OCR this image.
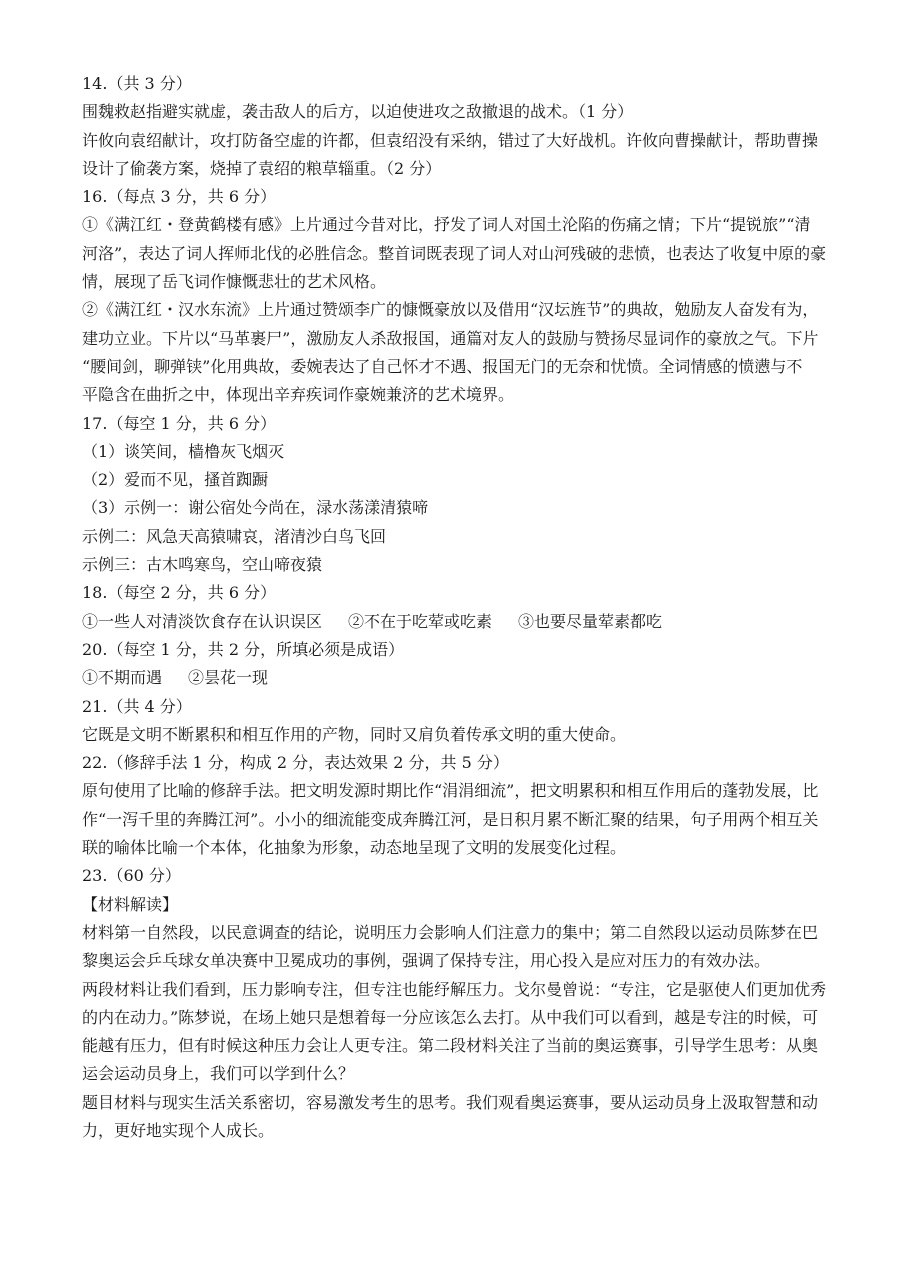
14.（共 3 分）
围魏救赵指避实就虚，袭击敌人的后方，以迫使进攻之敌撤退的战术。（1 分）
许攸向袁绍献计，攻打防备空虚的许都，但袁绍没有采纳，错过了大好战机。许攸向曹操献计，帮助曹操
设计了偷袭方案，烧掉了袁绍的粮草辎重。（2 分）
16.（每点 3 分，共 6 分）
①《满江红・登黄鹤楼有感》上片通过今昔对比，抒发了词人对国土沦陷的伤痛之情；下片“提锐旅”“清
河洛”，表达了词人挥师北伐的必胜信念。整首词既表现了词人对山河残破的悲愤，也表达了收复中原的豪
情，展现了岳飞词作慷慨悲壮的艺术风格。
②《满江红・汉水东流》上片通过赞颂李广的慷慨豪放以及借用“汉坛旌节”的典故，勉励友人奋发有为，
建功立业。下片以“马革裹尸”，激励友人杀敌报国，通篇对友人的鼓励与赞扬尽显词作的豪放之气。下片
“腰间剑，聊弹铗”化用典故，委婉表达了自己怀才不遇、报国无门的无奈和忧愤。全词情感的愤懑与不
平隐含在曲折之中，体现出辛弃疾词作豪婉兼济的艺术境界。
17.（每空 1 分，共 6 分）
（1）谈笑间，樯橹灰飞烟灭
（2）爱而不见，搔首踟蹰
（3）示例一：谢公宿处今尚在，渌水荡漾清猿啼
示例二：风急天高猿啸哀，渚清沙白鸟飞回
示例三：古木鸣寒鸟，空山啼夜猿
18.（每空 2 分，共 6 分）
①一些人对清淡饮食存在认识误区 ②不在于吃荤或吃素 ③也要尽量荤素都吃
20.（每空 1 分，共 2 分，所填必须是成语）
①不期而遇 ②昙花一现
21.（共 4 分）
它既是文明不断累积和相互作用的产物，同时又肩负着传承文明的重大使命。
22.（修辞手法 1 分，构成 2 分，表达效果 2 分，共 5 分）
原句使用了比喻的修辞手法。把文明发源时期比作“涓涓细流”，把文明累积和相互作用后的蓬勃发展，比
作“一泻千里的奔腾江河”。小小的细流能变成奔腾江河，是日积月累不断汇聚的结果，句子用两个相互关
联的喻体比喻一个本体，化抽象为形象，动态地呈现了文明的发展变化过程。
23.（60 分）
【材料解读】
材料第一自然段，以民意调查的结论，说明压力会影响人们注意力的集中；第二自然段以运动员陈梦在巴
黎奥运会乒乓球女单决赛中卫冕成功的事例，强调了保持专注，用心投入是应对压力的有效办法。
两段材料让我们看到，压力影响专注，但专注也能纾解压力。戈尔曼曾说：“专注，它是驱使人们更加优秀
的内在动力。”陈梦说，在场上她只是想着每一分应该怎么去打。从中我们可以看到，越是专注的时候，可
能越有压力，但有时候这种压力会让人更专注。第二段材料关注了当前的奥运赛事，引导学生思考：从奥
运会运动员身上，我们可以学到什么？
题目材料与现实生活关系密切，容易激发考生的思考。我们观看奥运赛事，要从运动员身上汲取智慧和动
力，更好地实现个人成长。
